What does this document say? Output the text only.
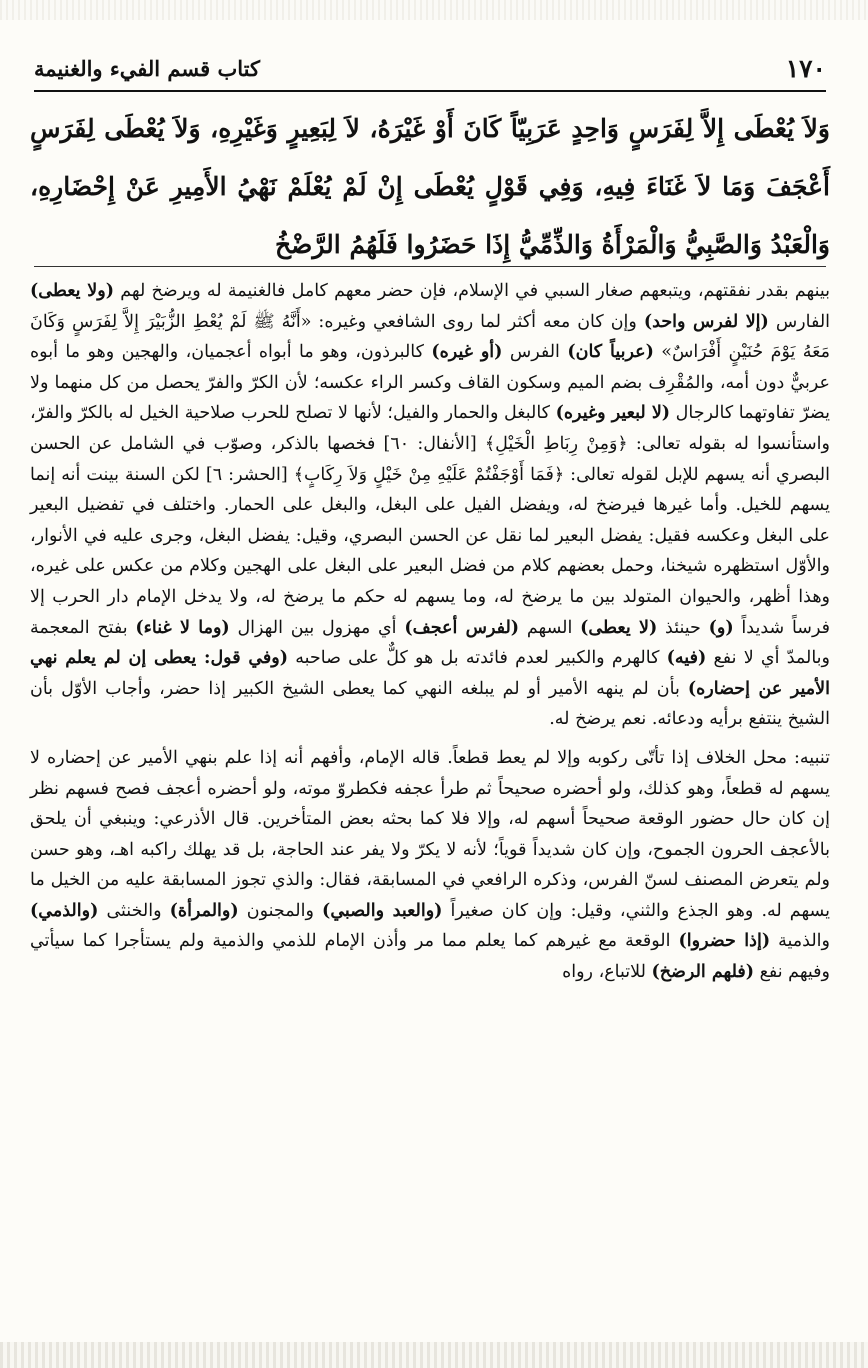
١٧٠
كتاب قسم الفيء والغنيمة

وَلاَ يُعْطَى إِلاَّ لِفَرَسٍ وَاحِدٍ عَرَبِيّاً كَانَ أَوْ غَيْرَهُ، لاَ لِبَعِيرٍ وَغَيْرِهِ، وَلاَ يُعْطَى لِفَرَسٍ أَعْجَفَ وَمَا لاَ غَنَاءَ فِيهِ، وَفِي قَوْلٍ يُعْطَى إِنْ لَمْ يُعْلَمْ نَهْيُ الأَمِيرِ عَنْ إِحْضَارِهِ، وَالْعَبْدُ وَالصَّبِيُّ وَالْمَرْأَةُ وَالذِّمِّيُّ إِذَا حَضَرُوا فَلَهُمُ الرَّضْخُ

بينهم بقدر نفقتهم، ويتبعهم صغار السبي في الإسلام، فإن حضر معهم كامل فالغنيمة له ويرضخ لهم (ولا يعطى) الفارس (إلا لفرس واحد) وإن كان معه أكثر لما روى الشافعي وغيره: «أَنَّهُ ﷺ لَمْ يُعْطِ الزُّبَيْرَ إِلاَّ لِفَرَسٍ وَكَانَ مَعَهُ يَوْمَ حُنَيْنٍ أَفْرَاسٌ» (عربياً كان) الفرس (أو غيره) كالبرذون، وهو ما أبواه أعجميان، والهجين وهو ما أبوه عربيٌّ دون أمه، والمُقْرِف بضم الميم وسكون القاف وكسر الراء عكسه؛ لأن الكرّ والفرّ يحصل من كل منهما ولا يضرّ تفاوتهما كالرجال (لا لبعير وغيره) كالبغل والحمار والفيل؛ لأنها لا تصلح للحرب صلاحية الخيل له بالكرّ والفرّ، واستأنسوا له بقوله تعالى: ﴿وَمِنْ رِبَاطِ الْخَيْلِ﴾ [الأنفال: ٦٠] فخصها بالذكر، وصوّب في الشامل عن الحسن البصري أنه يسهم للإبل لقوله تعالى: ﴿فَمَا أَوْجَفْتُمْ عَلَيْهِ مِنْ خَيْلٍ وَلاَ رِكَابٍ﴾ [الحشر: ٦] لكن السنة بينت أنه إنما يسهم للخيل. وأما غيرها فيرضخ له، ويفضل الفيل على البغل، والبغل على الحمار. واختلف في تفضيل البعير على البغل وعكسه فقيل: يفضل البعير لما نقل عن الحسن البصري، وقيل: يفضل البغل، وجرى عليه في الأنوار، والأوّل استظهره شيخنا، وحمل بعضهم كلام من فضل البعير على البغل على الهجين وكلام من عكس على غيره، وهذا أظهر، والحيوان المتولد بين ما يرضخ له، وما يسهم له حكم ما يرضخ له، ولا يدخل الإمام دار الحرب إلا فرساً شديداً (و) حينئذ (لا يعطى) السهم (لفرس أعجف) أي مهزول بين الهزال (وما لا غناء) بفتح المعجمة وبالمدّ أي لا نفع (فيه) كالهرم والكبير لعدم فائدته بل هو كلٌّ على صاحبه (وفي قول: يعطى إن لم يعلم نهي الأمير عن إحضاره) بأن لم ينهه الأمير أو لم يبلغه النهي كما يعطى الشيخ الكبير إذا حضر، وأجاب الأوّل بأن الشيخ ينتفع برأيه ودعائه. نعم يرضخ له.

تنبيه: محل الخلاف إذا تأتّى ركوبه وإلا لم يعط قطعاً. قاله الإمام، وأفهم أنه إذا علم بنهي الأمير عن إحضاره لا يسهم له قطعاً، وهو كذلك، ولو أحضره صحيحاً ثم طرأ عجفه فكطروّ موته، ولو أحضره أعجف فصح فسهم نظر إن كان حال حضور الوقعة صحيحاً أسهم له، وإلا فلا كما بحثه بعض المتأخرين. قال الأذرعي: وينبغي أن يلحق بالأعجف الحرون الجموح، وإن كان شديداً قوياً؛ لأنه لا يكرّ ولا يفر عند الحاجة، بل قد يهلك راكبه اهـ، وهو حسن ولم يتعرض المصنف لسنّ الفرس، وذكره الرافعي في المسابقة، فقال: والذي تجوز المسابقة عليه من الخيل ما يسهم له. وهو الجذع والثني، وقيل: وإن كان صغيراً (والعبد والصبي) والمجنون (والمرأة) والخنثى (والذمي) والذمية (إذا حضروا) الوقعة مع غيرهم كما يعلم مما مر وأذن الإمام للذمي والذمية ولم يستأجرا كما سيأتي وفيهم نفع (فلهم الرضخ) للاتباع، رواه
